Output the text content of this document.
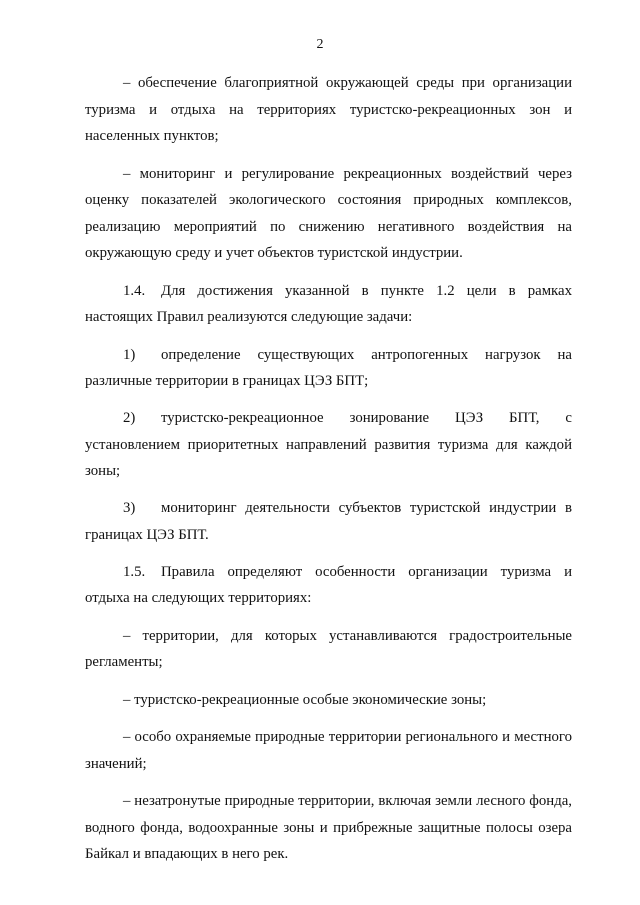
2

– обеспечение благоприятной окружающей среды при организации туризма и отдыха на территориях туристско-рекреационных зон и населенных пунктов;

– мониторинг и регулирование рекреационных воздействий через оценку показателей экологического состояния природных комплексов, реализацию мероприятий по снижению негативного воздействия на окружающую среду и учет объектов туристской индустрии.

1.4. Для достижения указанной в пункте 1.2 цели в рамках настоящих Правил реализуются следующие задачи:

1) определение существующих антропогенных нагрузок на различные территории в границах ЦЭЗ БПТ;

2) туристско-рекреационное зонирование ЦЭЗ БПТ, с установлением приоритетных направлений развития туризма для каждой зоны;

3) мониторинг деятельности субъектов туристской индустрии в границах ЦЭЗ БПТ.

1.5. Правила определяют особенности организации туризма и отдыха на следующих территориях:

– территории, для которых устанавливаются градостроительные регламенты;

– туристско-рекреационные особые экономические зоны;

– особо охраняемые природные территории регионального и местного значений;

– незатронутые природные территории, включая земли лесного фонда, водного фонда, водоохранные зоны и прибрежные защитные полосы озера Байкал и впадающих в него рек.
